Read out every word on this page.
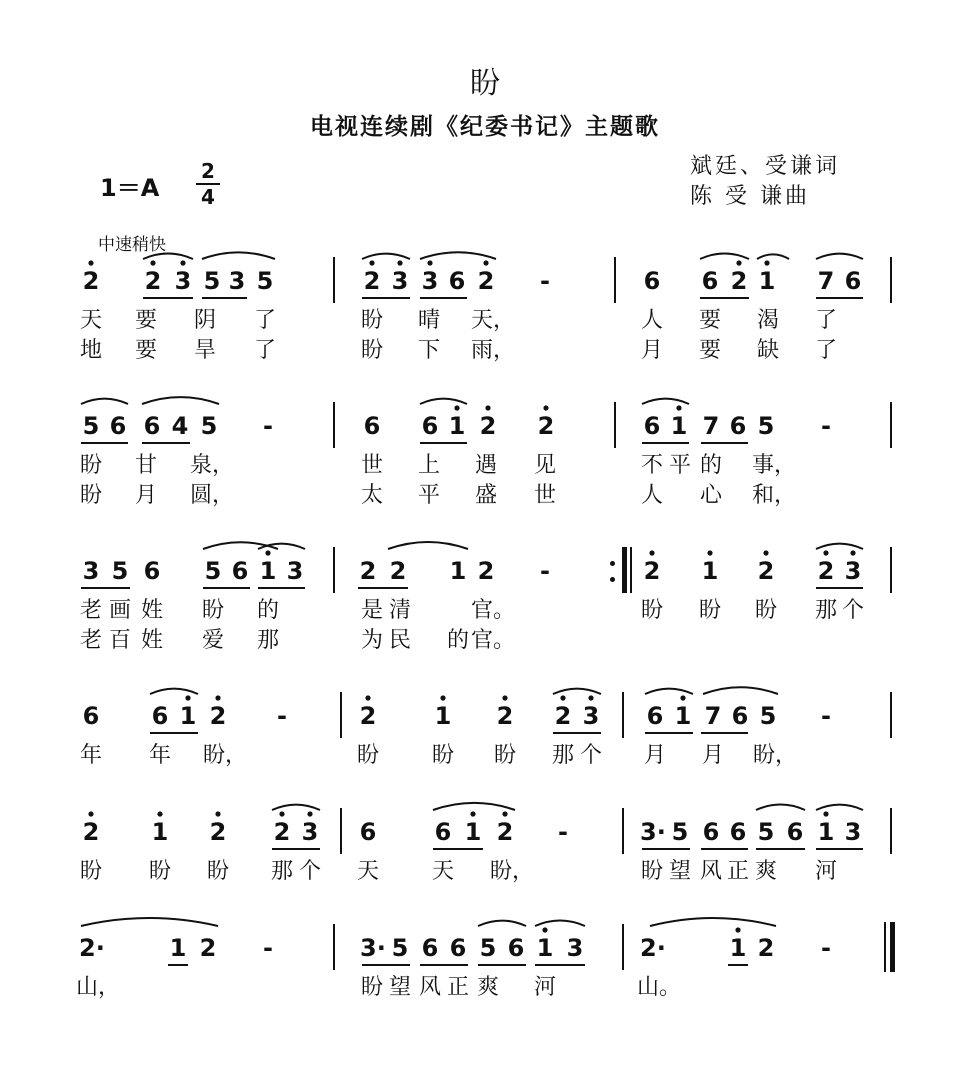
盼
电视连续剧《纪委书记》主题歌
1＝A
2
4
斌廷、受谦词
陈 受 谦曲
中速稍快
2 2 3 5 3 5	2 3 3 6 2 -	6 6 2 1 7 6
天 要 阴 了	盼 晴 天，	人 要 渴 了
地 要 旱 了	盼 下 雨，	月 要 缺 了
5 6 6 4 5 -	6 6 1 2 2	6 1 7 6 5 -
盼 甘 泉，	世 上 遇 见	不 平 的 事，
盼 月 圆，	太 平 盛 世	人 心 和，
3 5 6 5 6 1 3 2 2 1 2 -	2 1 2 2 3
老 画 姓 盼 的	是 清	官。	盼 盼 盼 那 个
老 百 姓 爱 那	为 民 的 官。
6 6 1 2 -	2 1 2 2 3 6 1 7 6 5 -
年 年 盼，	盼 盼 盼 那 个 月 月 盼，
2 1 2 2 3 6 6 1 2 -	3· 5 6 6 5 6 1 3
盼 盼 盼 那 个 天 天 盼，	盼 望 风 正 爽 河
2·	1 2 -	3· 5 6 6 5 6 1 3 2·	1 2 -
山，	盼 望 风 正 爽 河	山。
